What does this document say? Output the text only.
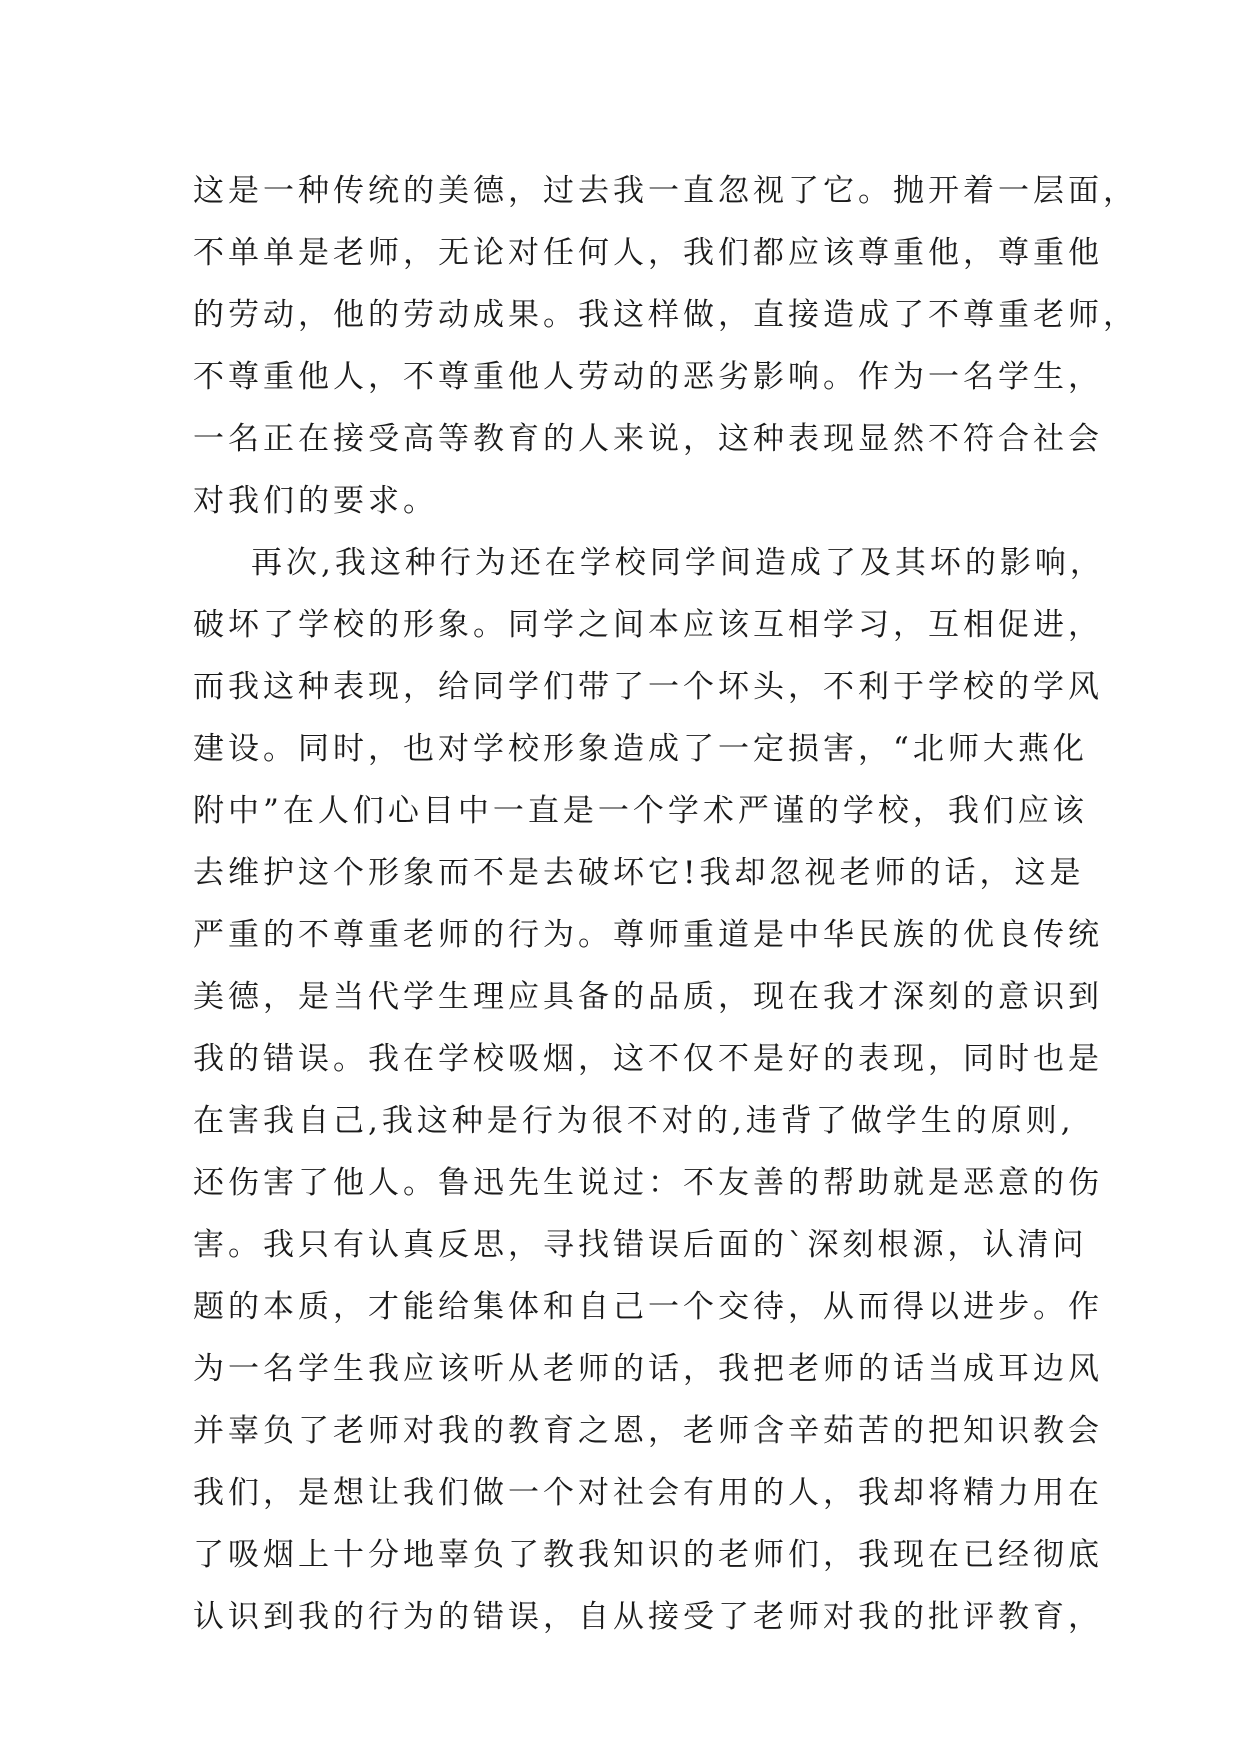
这是一种传统的美德，过去我一直忽视了它。抛开着一层面，
不单单是老师，无论对任何人，我们都应该尊重他，尊重他
的劳动，他的劳动成果。我这样做，直接造成了不尊重老师，
不尊重他人，不尊重他人劳动的恶劣影响。作为一名学生，
一名正在接受高等教育的人来说，这种表现显然不符合社会
对我们的要求。
再次,我这种行为还在学校同学间造成了及其坏的影响，
破坏了学校的形象。同学之间本应该互相学习，互相促进，
而我这种表现，给同学们带了一个坏头，不利于学校的学风
建设。同时，也对学校形象造成了一定损害，“北师大燕化
附中”在人们心目中一直是一个学术严谨的学校，我们应该
去维护这个形象而不是去破坏它!我却忽视老师的话，这是
严重的不尊重老师的行为。尊师重道是中华民族的优良传统
美德，是当代学生理应具备的品质，现在我才深刻的意识到
我的错误。我在学校吸烟，这不仅不是好的表现，同时也是
在害我自己,我这种是行为很不对的,违背了做学生的原则,
还伤害了他人。鲁迅先生说过：不友善的帮助就是恶意的伤
害。我只有认真反思，寻找错误后面的`深刻根源，认清问
题的本质，才能给集体和自己一个交待，从而得以进步。作
为一名学生我应该听从老师的话，我把老师的话当成耳边风
并辜负了老师对我的教育之恩，老师含辛茹苦的把知识教会
我们，是想让我们做一个对社会有用的人，我却将精力用在
了吸烟上十分地辜负了教我知识的老师们，我现在已经彻底
认识到我的行为的错误，自从接受了老师对我的批评教育，
